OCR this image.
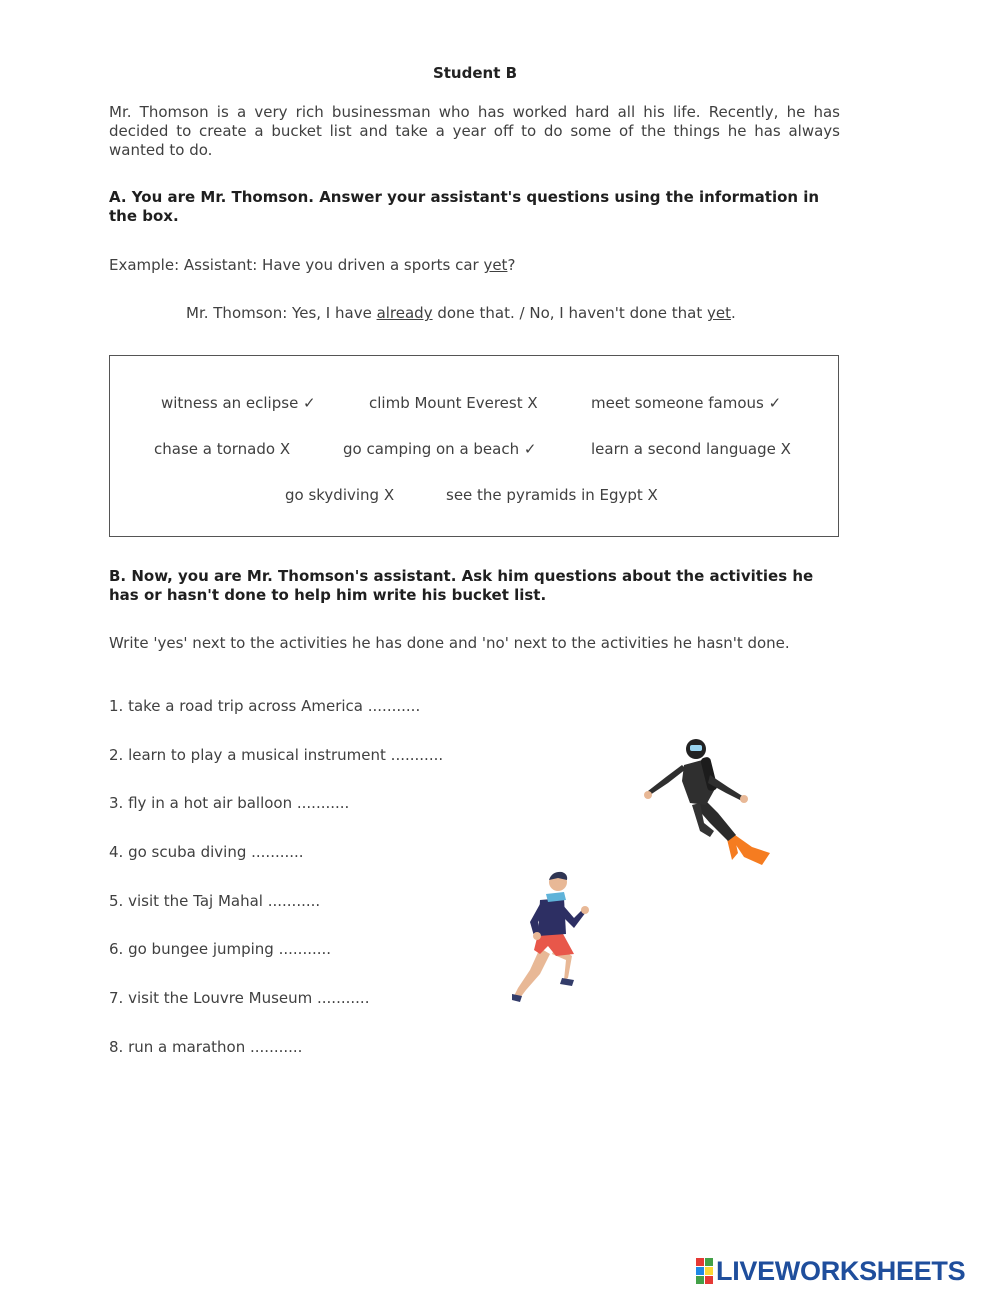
Student B
Mr. Thomson is a very rich businessman who has worked hard all his life. Recently, he has decided to create a bucket list and take a year off to do some of the things he has always wanted to do.
A. You are Mr. Thomson. Answer your assistant's questions using the information in the box.
Example: Assistant: Have you driven a sports car yet?
Mr. Thomson: Yes, I have already done that. / No, I haven't done that yet.
witness an eclipse ✓	climb Mount Everest X	meet someone famous ✓
chase a tornado X	go camping on a beach ✓	learn a second language X
go skydiving X	see the pyramids in Egypt X
B. Now, you are Mr. Thomson's assistant. Ask him questions about the activities he has or hasn't done to help him write his bucket list.
Write 'yes' next to the activities he has done and 'no' next to the activities he hasn't done.
1. take a road trip across America ...........
2. learn to play a musical instrument ...........
3. fly in a hot air balloon ...........
4. go scuba diving ...........
5. visit the Taj Mahal ...........
6. go bungee jumping ...........
7. visit the Louvre Museum ...........
8. run a marathon ...........
LIVEWORKSHEETS
